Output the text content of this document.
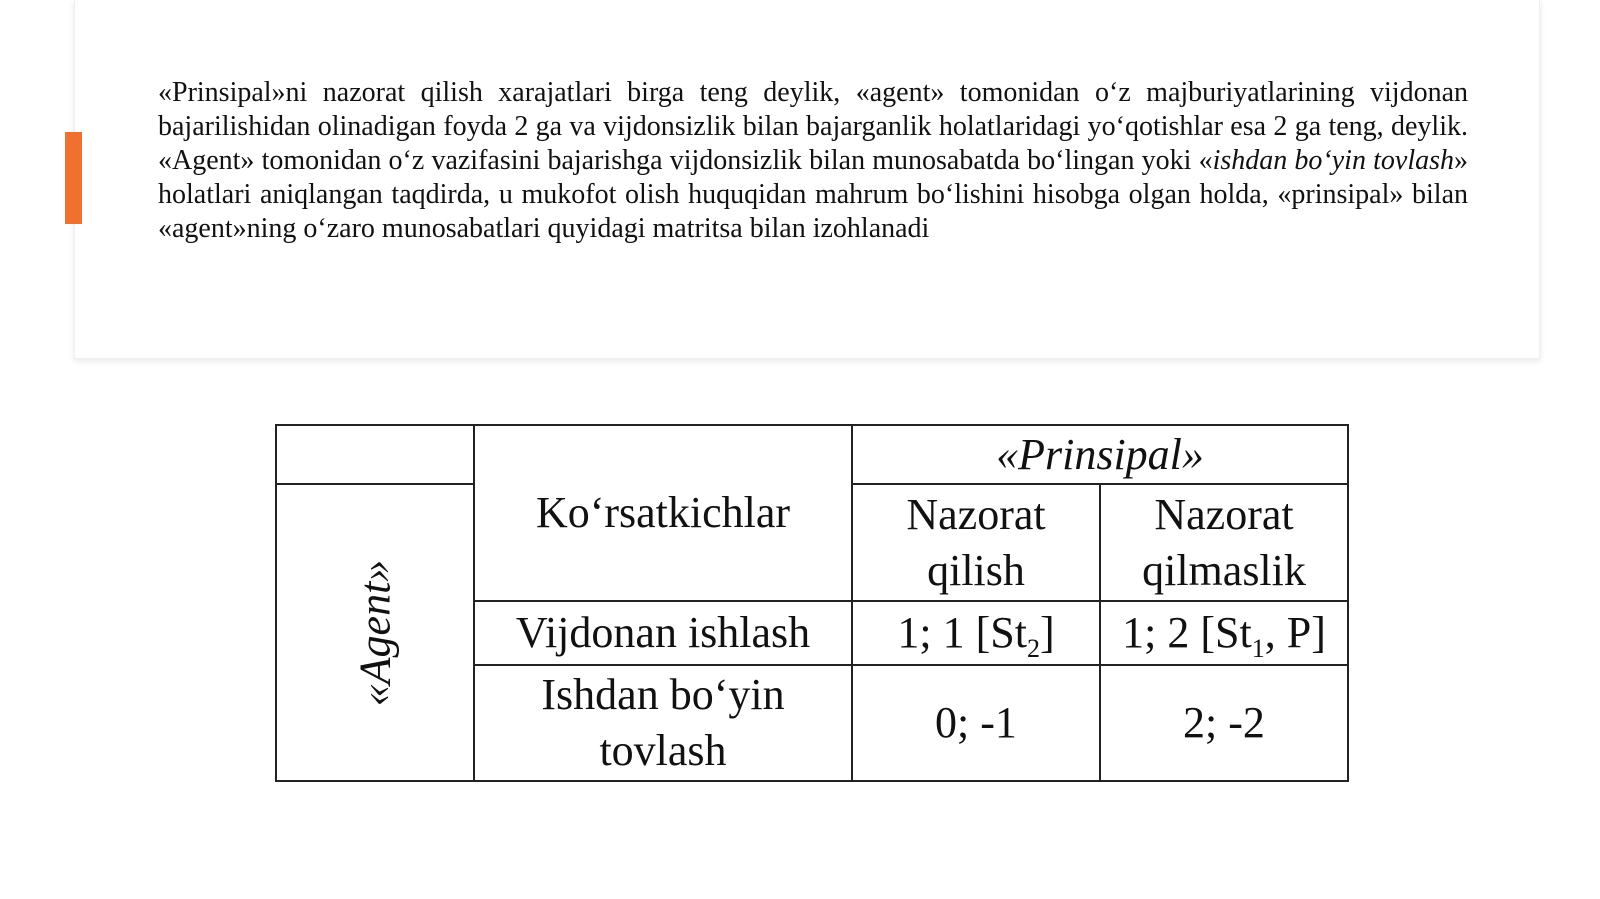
«Prinsipal»ni nazorat qilish xarajatlari birga teng deylik, «agent» tomonidan o‘z majburiyatlarining vijdonan bajarilishidan olinadigan foyda 2 ga va vijdonsizlik bilan bajarganlik holatlaridagi yo‘qotishlar esa 2 ga teng, deylik. «Agent» tomonidan o‘z vazifasini bajarishga vijdonsizlik bilan munosabatda bo‘lingan yoki «ishdan bo‘yin tovlash» holatlari aniqlangan taqdirda, u mukofot olish huquqidan mahrum bo‘lishini hisobga olgan holda, «prinsipal» bilan «agent»ning o‘zaro munosabatlari quyidagi matritsa bilan izohlanadi

	Ko‘rsatkichlar	«Prinsipal»	
«Agent»		Nazorat qilish	Nazorat qilmaslik
	Vijdonan ishlash	1; 1 $[St_2]$	1; 2 [$St_1$, P]
	Ishdan bo‘yin tovlash	0; -1	2; -2
